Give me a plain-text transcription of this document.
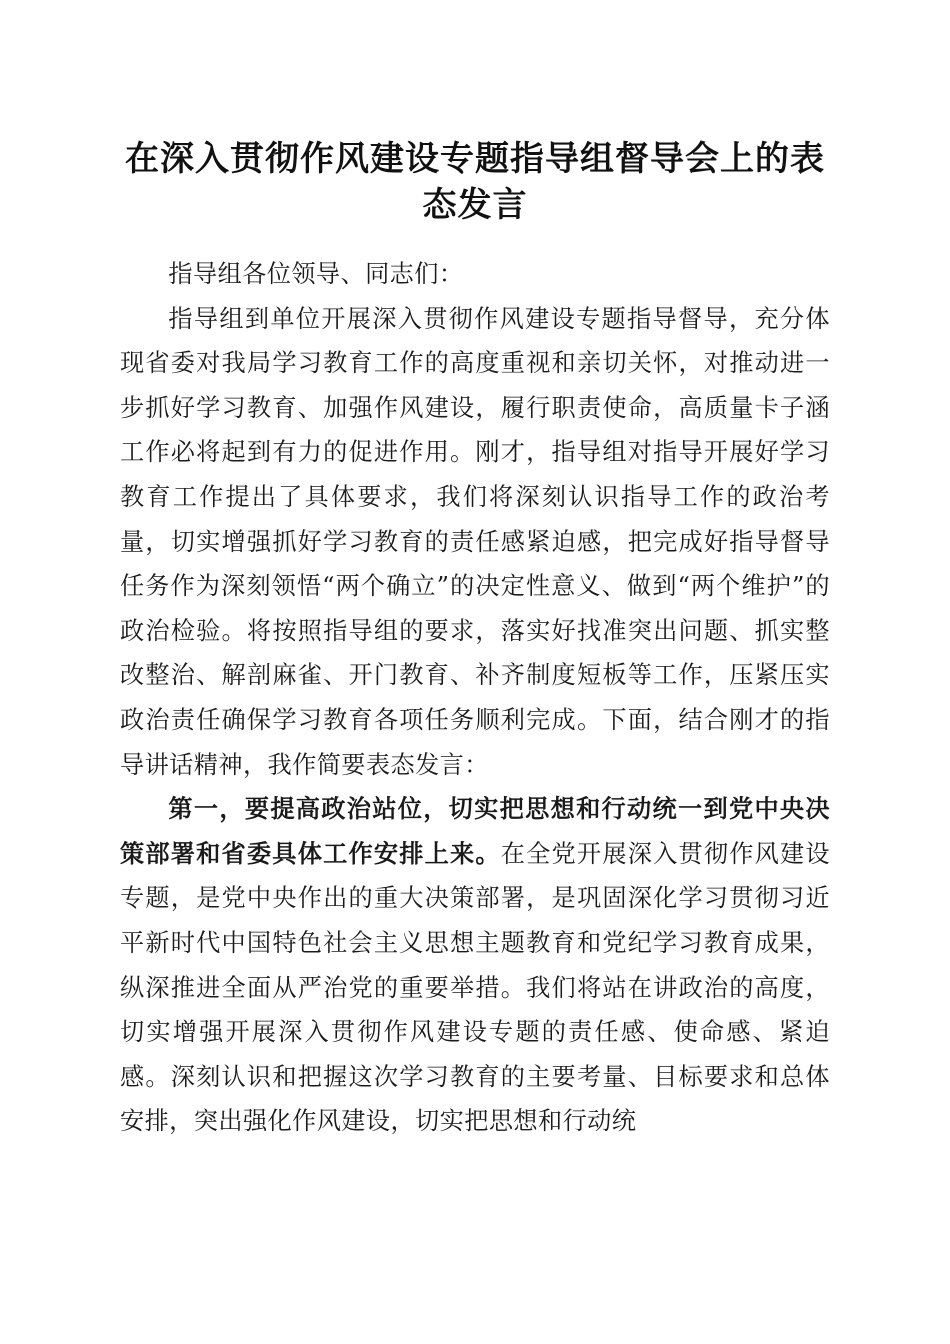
在深入贯彻作风建设专题指导组督导会上的表态发言

指导组各位领导、同志们：

指导组到单位开展深入贯彻作风建设专题指导督导，充分体现省委对我局学习教育工作的高度重视和亲切关怀，对推动进一步抓好学习教育、加强作风建设，履行职责使命，高质量卡子涵工作必将起到有力的促进作用。刚才，指导组对指导开展好学习教育工作提出了具体要求，我们将深刻认识指导工作的政治考量，切实增强抓好学习教育的责任感紧迫感，把完成好指导督导任务作为深刻领悟“两个确立”的决定性意义、做到“两个维护”的政治检验。将按照指导组的要求，落实好找准突出问题、抓实整改整治、解剖麻雀、开门教育、补齐制度短板等工作，压紧压实政治责任确保学习教育各项任务顺利完成。下面，结合刚才的指导讲话精神，我作简要表态发言：

第一，要提高政治站位，切实把思想和行动统一到党中央决策部署和省委具体工作安排上来。在全党开展深入贯彻作风建设专题，是党中央作出的重大决策部署，是巩固深化学习贯彻习近平新时代中国特色社会主义思想主题教育和党纪学习教育成果，纵深推进全面从严治党的重要举措。我们将站在讲政治的高度，切实增强开展深入贯彻作风建设专题的责任感、使命感、紧迫感。深刻认识和把握这次学习教育的主要考量、目标要求和总体安排，突出强化作风建设，切实把思想和行动统
